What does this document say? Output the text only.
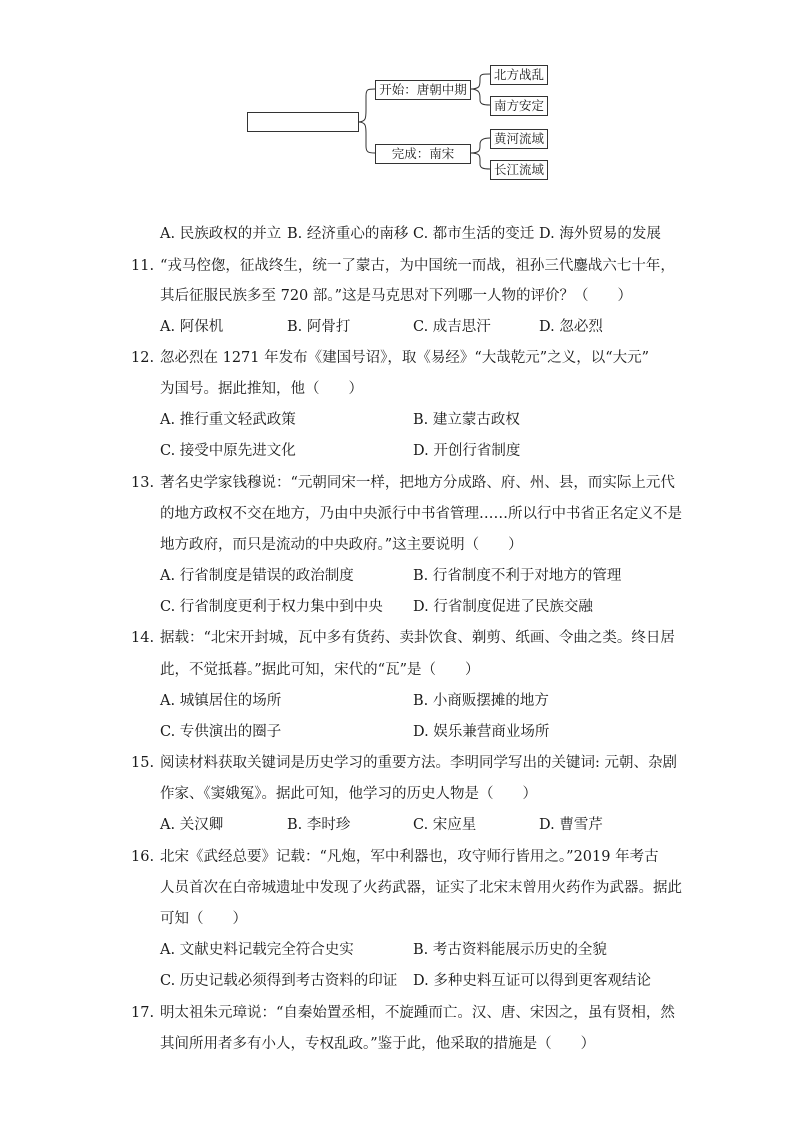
开始：唐朝中期
完成：南宋
北方战乱
南方安定
黄河流域
长江流域
A. 民族政权的并立 B. 经济重心的南移 C. 都市生活的变迁 D. 海外贸易的发展
11. “戎马倥偬，征战终生，统一了蒙古，为中国统一而战，祖孙三代鏖战六七十年，
其后征服民族多至 720 部。”这是马克思对下列哪一人物的评价？（　　）
A. 阿保机	B. 阿骨打	C. 成吉思汗	D. 忽必烈
12. 忽必烈在 1271 年发布《建国号诏》，取《易经》“大哉乾元”之义，以“大元”
为国号。据此推知，他（　　）
A. 推行重文轻武政策	B. 建立蒙古政权
C. 接受中原先进文化	D. 开创行省制度
13. 著名史学家钱穆说：“元朝同宋一样，把地方分成路、府、州、县，而实际上元代
的地方政权不交在地方，乃由中央派行中书省管理……所以行中书省正名定义不是
地方政府，而只是流动的中央政府。”这主要说明（　　）
A. 行省制度是错误的政治制度	B. 行省制度不利于对地方的管理
C. 行省制度更利于权力集中到中央 D. 行省制度促进了民族交融
14. 据载：“北宋开封城，瓦中多有货药、卖卦饮食、剃剪、纸画、令曲之类。终日居
此，不觉抵暮。”据此可知，宋代的“瓦”是（　　）
A. 城镇居住的场所	B. 小商贩摆摊的地方
C. 专供演出的圈子	D. 娱乐兼营商业场所
15. 阅读材料获取关键词是历史学习的重要方法。李明同学写出的关键词: 元朝、杂剧
作家、《窦娥冤》。据此可知，他学习的历史人物是（　　）
A. 关汉卿	B. 李时珍	C. 宋应星	D. 曹雪芹
16. 北宋《武经总要》记载：“凡炮，军中利器也，攻守师行皆用之。”2019 年考古
人员首次在白帝城遗址中发现了火药武器，证实了北宋末曾用火药作为武器。据此
可知（　　）
A. 文献史料记载完全符合史实	B. 考古资料能展示历史的全貌
C. 历史记载必须得到考古资料的印证 D. 多种史料互证可以得到更客观结论
17. 明太祖朱元璋说：“自秦始置丞相，不旋踵而亡。汉、唐、宋因之，虽有贤相，然
其间所用者多有小人，专权乱政。”鉴于此，他采取的措施是（　　）
